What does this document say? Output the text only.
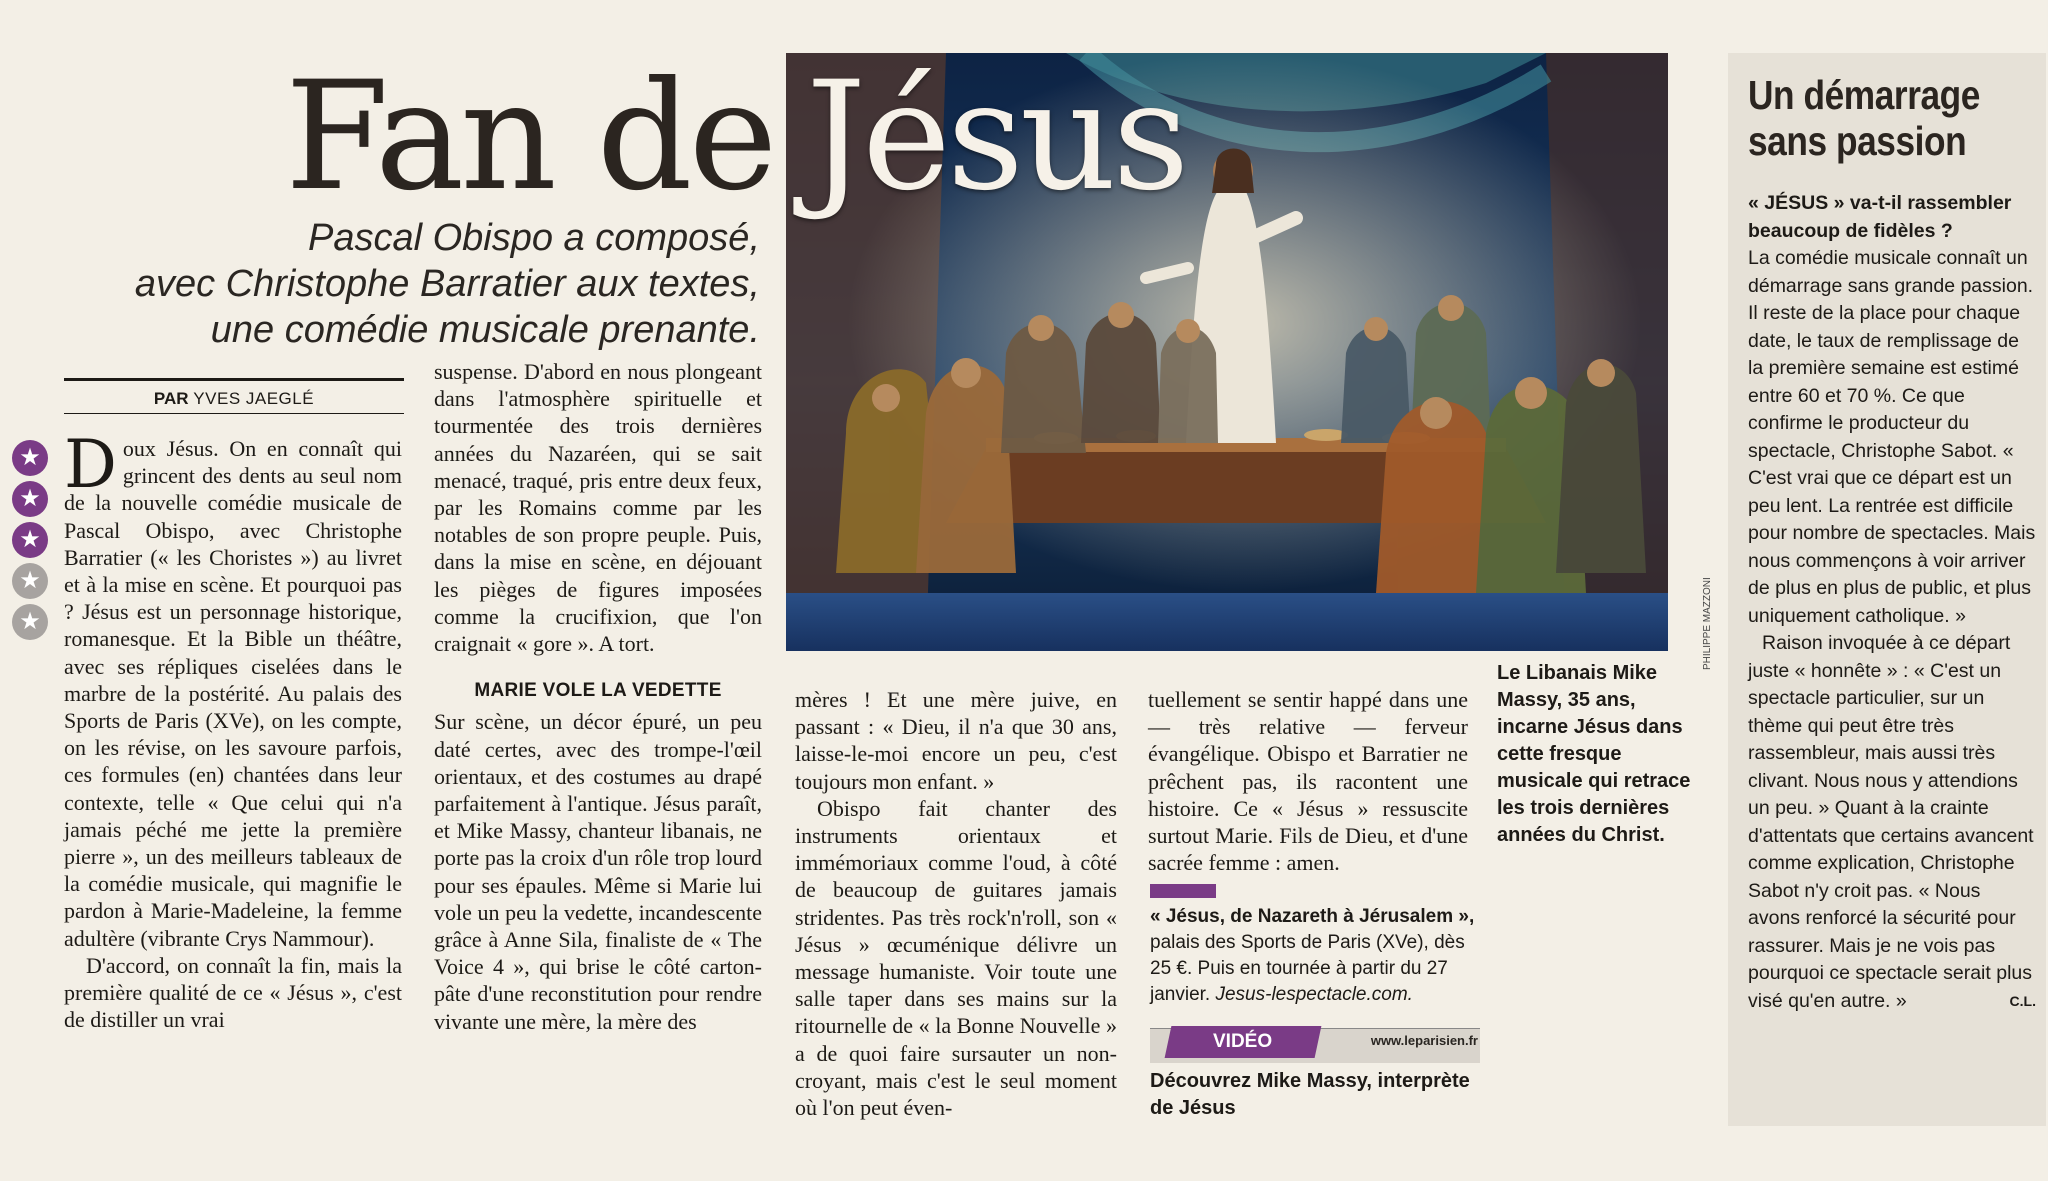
Fan de Jésus
Pascal Obispo a composé,
avec Christophe Barratier aux textes,
une comédie musicale prenante.
PAR YVES JAEGLÉ
★
★
★
★
★

D oux Jésus. On en connaît qui grincent des dents au seul nom de la nouvelle comédie musicale de Pascal Obispo, avec Christophe Barratier (« les Choristes ») au livret et à la mise en scène. Et pourquoi pas ? Jésus est un personnage historique, romanesque. Et la Bible un théâtre, avec ses répliques ciselées dans le marbre de la postérité. Au palais des Sports de Paris (XVe), on les compte, on les révise, on les savoure parfois, ces formules (en) chantées dans leur contexte, telle « Que celui qui n'a jamais péché me jette la première pierre », un des meilleurs tableaux de la comédie musicale, qui magnifie le pardon à Marie-Madeleine, la femme adultère (vibrante Crys Nammour).

D'accord, on connaît la fin, mais la première qualité de ce « Jésus », c'est de distiller un vrai

suspense. D'abord en nous plongeant dans l'atmosphère spirituelle et tourmentée des trois dernières années du Nazaréen, qui se sait menacé, traqué, pris entre deux feux, par les Romains comme par les notables de son propre peuple. Puis, dans la mise en scène, en déjouant les pièges de figures imposées comme la crucifixion, que l'on craignait « gore ». A tort.

MARIE VOLE LA VEDETTE

Sur scène, un décor épuré, un peu daté certes, avec des trompe-l'œil orientaux, et des costumes au drapé parfaitement à l'antique. Jésus paraît, et Mike Massy, chanteur libanais, ne porte pas la croix d'un rôle trop lourd pour ses épaules. Même si Marie lui vole un peu la vedette, incandescente grâce à Anne Sila, finaliste de « The Voice 4 », qui brise le côté carton-pâte d'une reconstitution pour rendre vivante une mère, la mère des

mères ! Et une mère juive, en passant : « Dieu, il n'a que 30 ans, laisse-le-moi encore un peu, c'est toujours mon enfant. »

Obispo fait chanter des instruments orientaux et immémoriaux comme l'oud, à côté de beaucoup de guitares jamais stridentes. Pas très rock'n'roll, son « Jésus » œcuménique délivre un message humaniste. Voir toute une salle taper dans ses mains sur la ritournelle de « la Bonne Nouvelle » a de quoi faire sursauter un non-croyant, mais c'est le seul moment où l'on peut éven-

tuellement se sentir happé dans une — très relative — ferveur évangélique. Obispo et Barratier ne prêchent pas, ils racontent une histoire. Ce « Jésus » ressuscite surtout Marie. Fils de Dieu, et d'une sacrée femme : amen.

PHILIPPE MAZZONI
Le Libanais Mike Massy, 35 ans, incarne Jésus dans cette fresque musicale qui retrace les trois dernières années du Christ.
« Jésus, de Nazareth à Jérusalem », palais des Sports de Paris (XVe), dès 25 €. Puis en tournée à partir du 27 janvier. Jesus-lespectacle.com.
VIDÉO	www.leparisien.fr
Découvrez Mike Massy, interprète de Jésus
Un démarrage sans passion

« JÉSUS » va-t-il rassembler beaucoup de fidèles ?

La comédie musicale connaît un démarrage sans grande passion. Il reste de la place pour chaque date, le taux de remplissage de la première semaine est estimé entre 60 et 70 %. Ce que confirme le producteur du spectacle, Christophe Sabot. « C'est vrai que ce départ est un peu lent. La rentrée est difficile pour nombre de spectacles. Mais nous commençons à voir arriver de plus en plus de public, et plus uniquement catholique. »

Raison invoquée à ce départ juste « honnête » : « C'est un spectacle particulier, sur un thème qui peut être très rassembleur, mais aussi très clivant. Nous nous y attendions un peu. » Quant à la crainte d'attentats que certains avancent comme explication, Christophe Sabot n'y croit pas. « Nous avons renforcé la sécurité pour rassurer. Mais je ne vois pas pourquoi ce spectacle serait plus visé qu'en autre. »	C.L.
